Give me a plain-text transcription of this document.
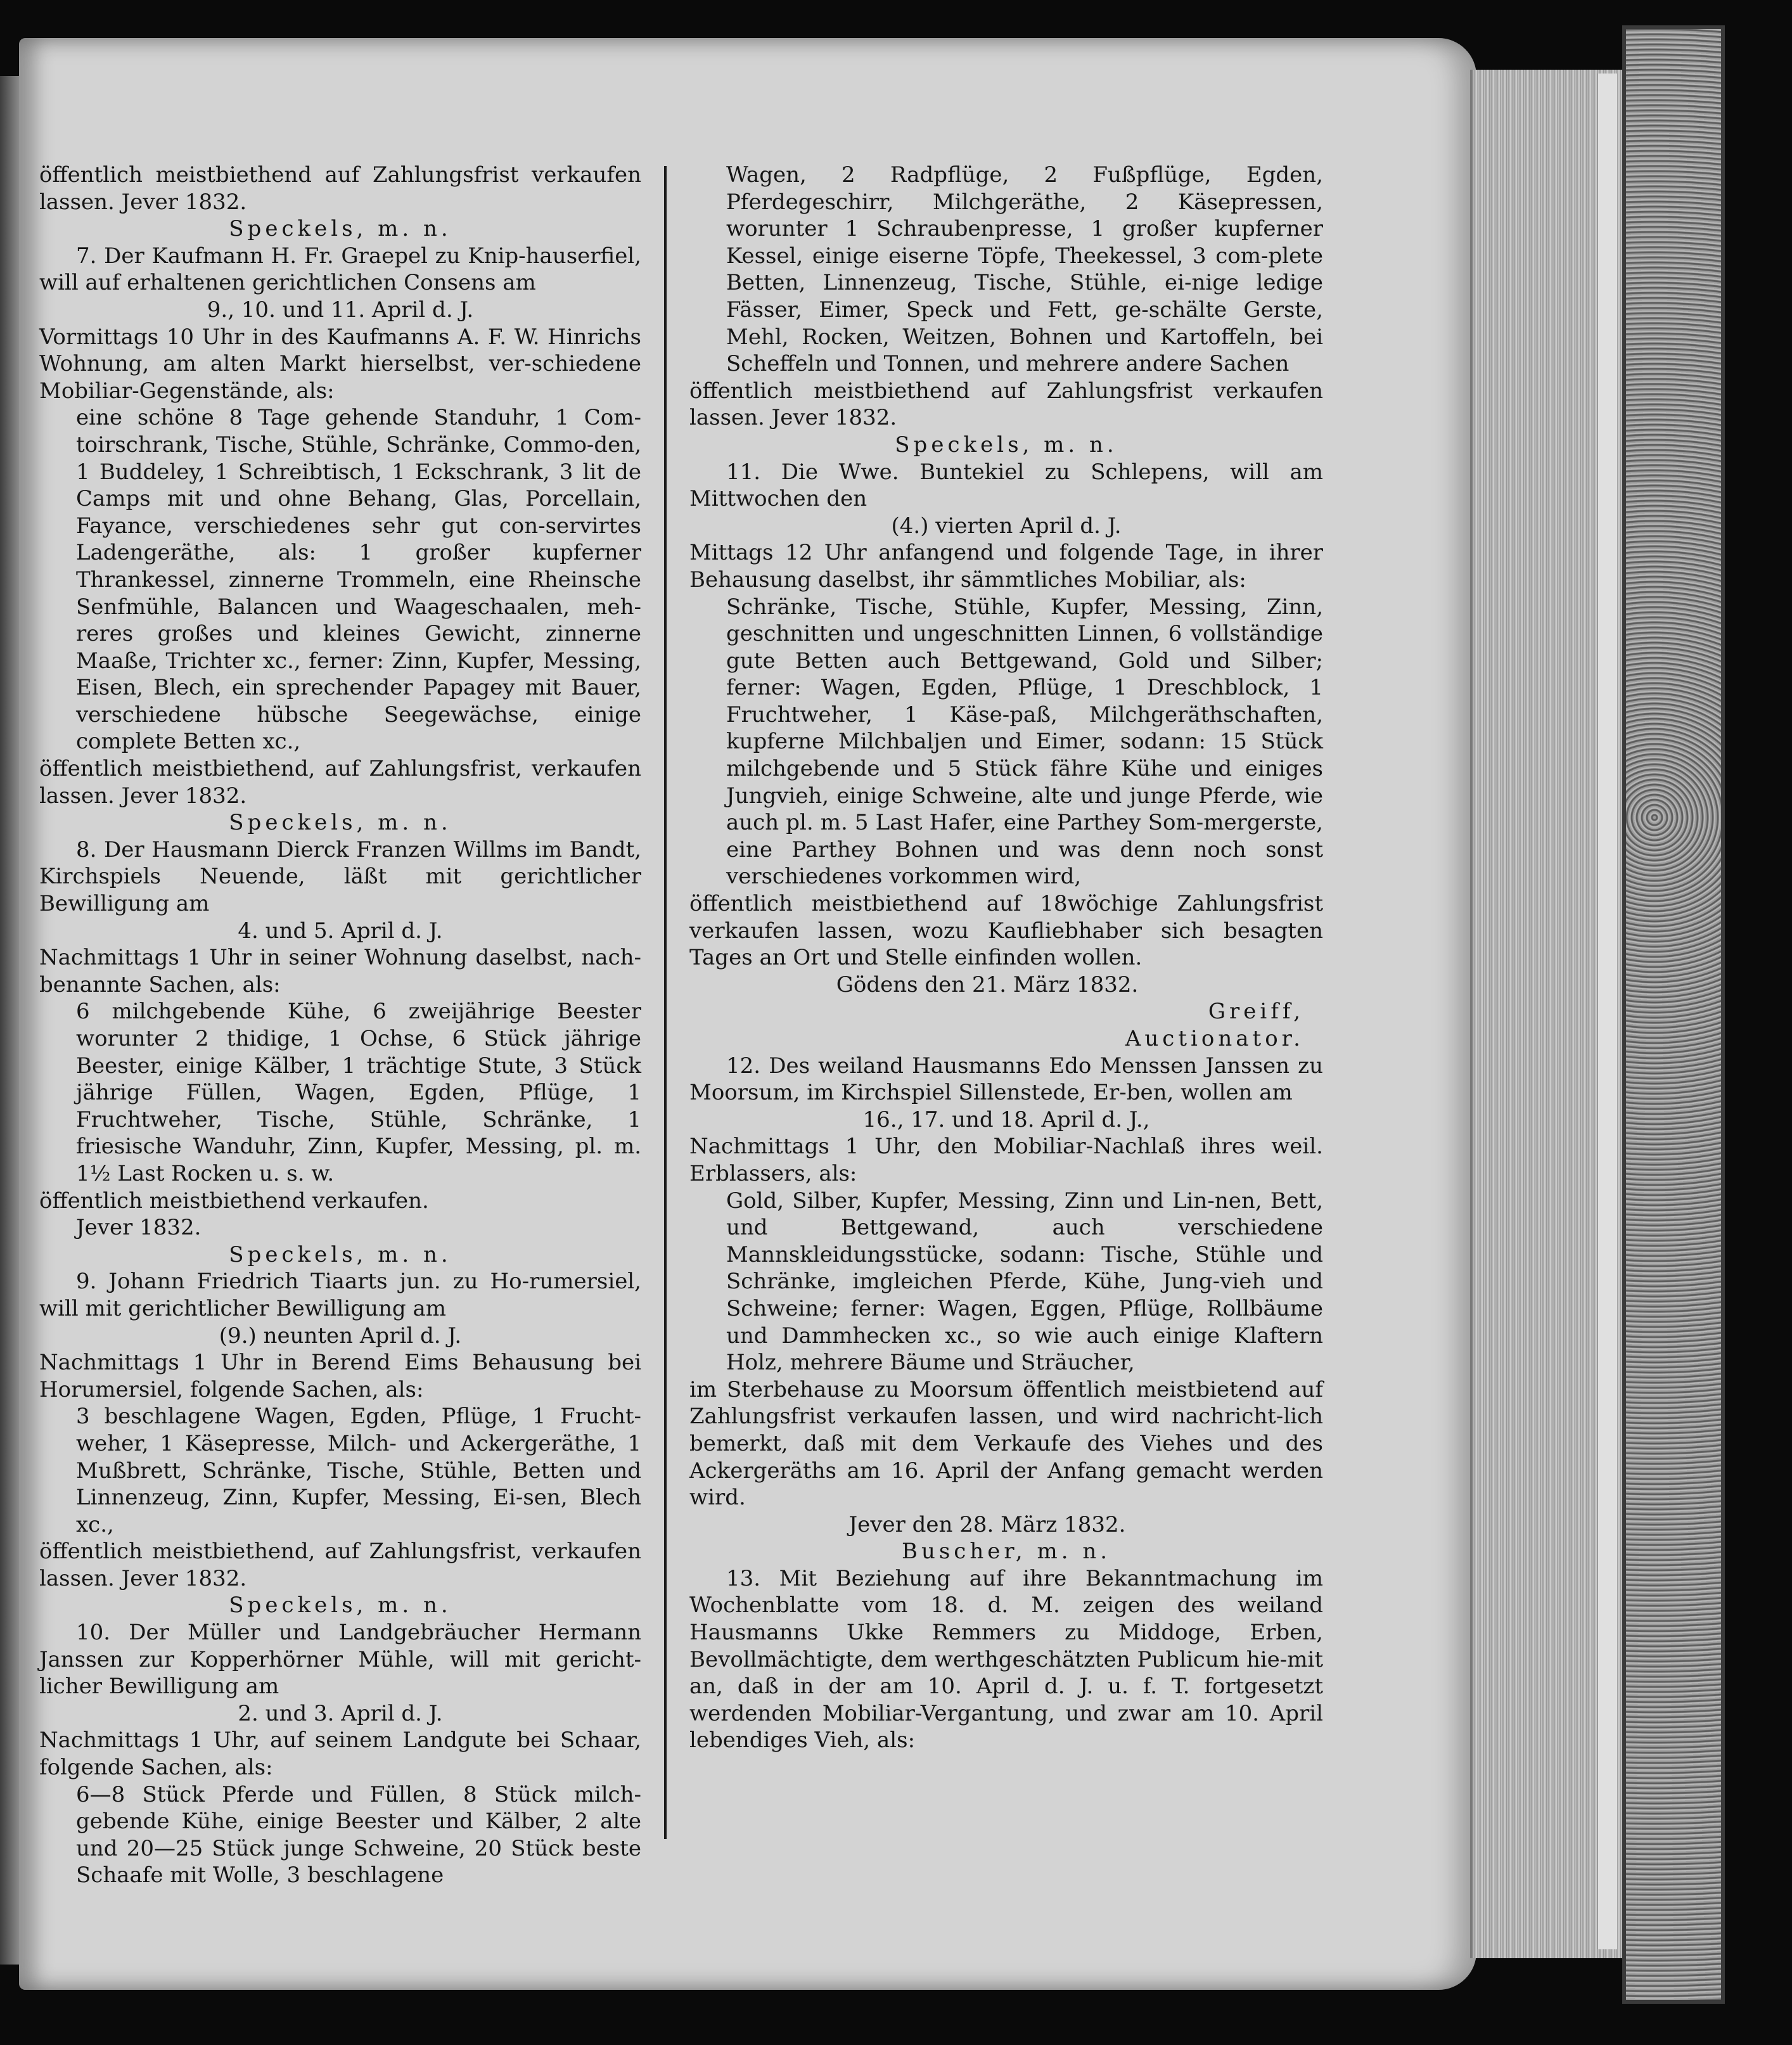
öffentlich meistbiethend auf Zahlungsfrist verkaufen lassen. Jever 1832.

Speckels, m. n.

7. Der Kaufmann H. Fr. Graepel zu Knip-hauserfiel, will auf erhaltenen gerichtlichen Consens am

9., 10. und 11. April d. J.

Vormittags 10 Uhr in des Kaufmanns A. F. W. Hinrichs Wohnung, am alten Markt hierselbst, ver-schiedene Mobiliar-Gegenstände, als:

eine schöne 8 Tage gehende Standuhr, 1 Com-toirschrank, Tische, Stühle, Schränke, Commo-den, 1 Buddeley, 1 Schreibtisch, 1 Eckschrank, 3 lit de Camps mit und ohne Behang, Glas, Porcellain, Fayance, verschiedenes sehr gut con-servirtes Ladengeräthe, als: 1 großer kupferner Thrankessel, zinnerne Trommeln, eine Rheinsche Senfmühle, Balancen und Waageschaalen, meh-reres großes und kleines Gewicht, zinnerne Maaße, Trichter xc., ferner: Zinn, Kupfer, Messing, Eisen, Blech, ein sprechender Papagey mit Bauer, verschiedene hübsche Seegewächse, einige complete Betten xc.,

öffentlich meistbiethend, auf Zahlungsfrist, verkaufen lassen. Jever 1832.

Speckels, m. n.

8. Der Hausmann Dierck Franzen Willms im Bandt, Kirchspiels Neuende, läßt mit gerichtlicher Bewilligung am

4. und 5. April d. J.

Nachmittags 1 Uhr in seiner Wohnung daselbst, nach-benannte Sachen, als:

6 milchgebende Kühe, 6 zweijährige Beester worunter 2 thidige, 1 Ochse, 6 Stück jährige Beester, einige Kälber, 1 trächtige Stute, 3 Stück jährige Füllen, Wagen, Egden, Pflüge, 1 Fruchtweher, Tische, Stühle, Schränke, 1 friesische Wanduhr, Zinn, Kupfer, Messing, pl. m. 1½ Last Rocken u. s. w.

öffentlich meistbiethend verkaufen.

Jever 1832.

Speckels, m. n.

9. Johann Friedrich Tiaarts jun. zu Ho-rumersiel, will mit gerichtlicher Bewilligung am

(9.) neunten April d. J.

Nachmittags 1 Uhr in Berend Eims Behausung bei Horumersiel, folgende Sachen, als:

3 beschlagene Wagen, Egden, Pflüge, 1 Frucht-weher, 1 Käsepresse, Milch- und Ackergeräthe, 1 Mußbrett, Schränke, Tische, Stühle, Betten und Linnenzeug, Zinn, Kupfer, Messing, Ei-sen, Blech xc.,

öffentlich meistbiethend, auf Zahlungsfrist, verkaufen lassen. Jever 1832.

Speckels, m. n.

10. Der Müller und Landgebräucher Hermann Janssen zur Kopperhörner Mühle, will mit gericht-licher Bewilligung am

2. und 3. April d. J.

Nachmittags 1 Uhr, auf seinem Landgute bei Schaar, folgende Sachen, als:

6—8 Stück Pferde und Füllen, 8 Stück milch-gebende Kühe, einige Beester und Kälber, 2 alte und 20—25 Stück junge Schweine, 20 Stück beste Schaafe mit Wolle, 3 beschlagene

Wagen, 2 Radpflüge, 2 Fußpflüge, Egden, Pferdegeschirr, Milchgeräthe, 2 Käsepressen, worunter 1 Schraubenpresse, 1 großer kupferner Kessel, einige eiserne Töpfe, Theekessel, 3 com-plete Betten, Linnenzeug, Tische, Stühle, ei-nige ledige Fässer, Eimer, Speck und Fett, ge-schälte Gerste, Mehl, Rocken, Weitzen, Bohnen und Kartoffeln, bei Scheffeln und Tonnen, und mehrere andere Sachen

öffentlich meistbiethend auf Zahlungsfrist verkaufen lassen. Jever 1832.

Speckels, m. n.

11. Die Wwe. Buntekiel zu Schlepens, will am Mittwochen den

(4.) vierten April d. J.

Mittags 12 Uhr anfangend und folgende Tage, in ihrer Behausung daselbst, ihr sämmtliches Mobiliar, als:

Schränke, Tische, Stühle, Kupfer, Messing, Zinn, geschnitten und ungeschnitten Linnen, 6 vollständige gute Betten auch Bettgewand, Gold und Silber; ferner: Wagen, Egden, Pflüge, 1 Dreschblock, 1 Fruchtweher, 1 Käse-paß, Milchgeräthschaften, kupferne Milchbaljen und Eimer, sodann: 15 Stück milchgebende und 5 Stück fähre Kühe und einiges Jungvieh, einige Schweine, alte und junge Pferde, wie auch pl. m. 5 Last Hafer, eine Parthey Som-mergerste, eine Parthey Bohnen und was denn noch sonst verschiedenes vorkommen wird,

öffentlich meistbiethend auf 18wöchige Zahlungsfrist verkaufen lassen, wozu Kaufliebhaber sich besagten Tages an Ort und Stelle einfinden wollen.

Gödens den 21. März 1832.

Greiff,

Auctionator.

12. Des weiland Hausmanns Edo Menssen Janssen zu Moorsum, im Kirchspiel Sillenstede, Er-ben, wollen am

16., 17. und 18. April d. J.,

Nachmittags 1 Uhr, den Mobiliar-Nachlaß ihres weil. Erblassers, als:

Gold, Silber, Kupfer, Messing, Zinn und Lin-nen, Bett, und Bettgewand, auch verschiedene Mannskleidungsstücke, sodann: Tische, Stühle und Schränke, imgleichen Pferde, Kühe, Jung-vieh und Schweine; ferner: Wagen, Eggen, Pflüge, Rollbäume und Dammhecken xc., so wie auch einige Klaftern Holz, mehrere Bäume und Sträucher,

im Sterbehause zu Moorsum öffentlich meistbietend auf Zahlungsfrist verkaufen lassen, und wird nachricht-lich bemerkt, daß mit dem Verkaufe des Viehes und des Ackergeräths am 16. April der Anfang gemacht werden wird.

Jever den 28. März 1832.

Buscher, m. n.

13. Mit Beziehung auf ihre Bekanntmachung im Wochenblatte vom 18. d. M. zeigen des weiland Hausmanns Ukke Remmers zu Middoge, Erben, Bevollmächtigte, dem werthgeschätzten Publicum hie-mit an, daß in der am 10. April d. J. u. f. T. fortgesetzt werdenden Mobiliar-Vergantung, und zwar am 10. April lebendiges Vieh, als:
